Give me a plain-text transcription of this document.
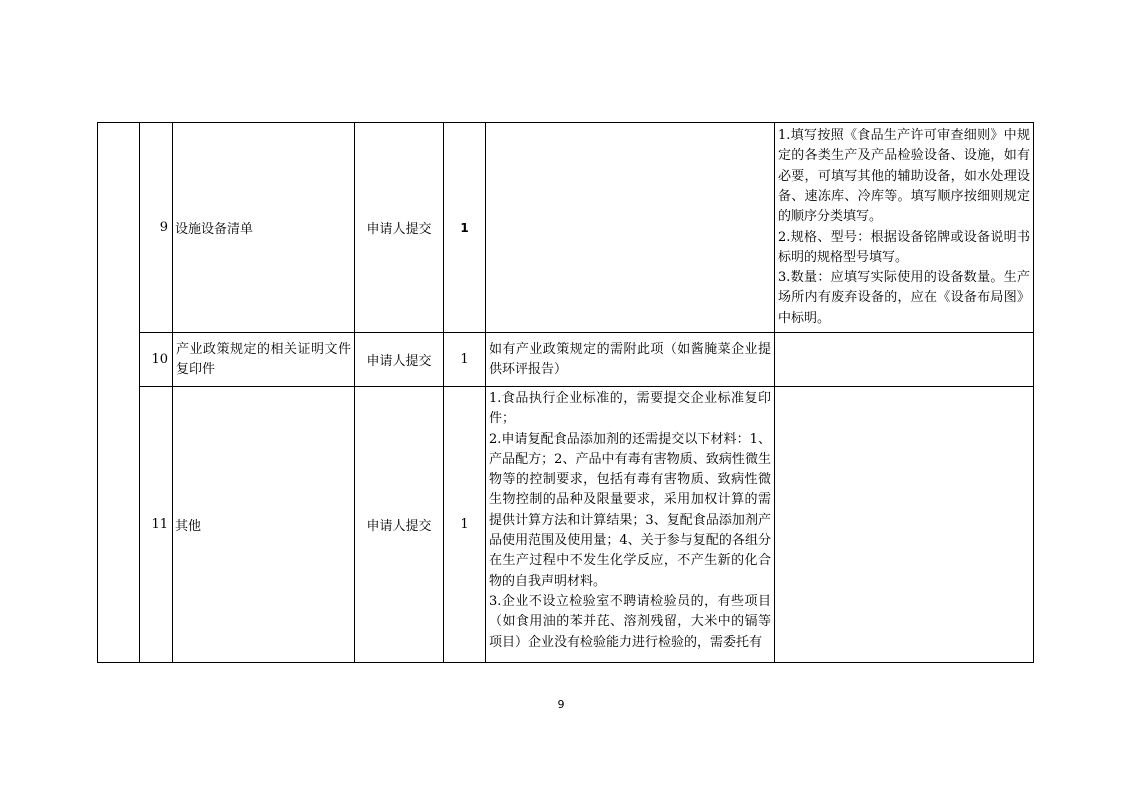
	9	设施设备清单	申请人提交	1		1.填写按照《食品生产许可审查细则》中规定的各类生产及产品检验设备、设施，如有必要，可填写其他的辅助设备，如水处理设备、速冻库、冷库等。填写顺序按细则规定的顺序分类填写。
2.规格、型号：根据设备铭牌或设备说明书标明的规格型号填写。
3.数量：应填写实际使用的设备数量。生产场所内有废弃设备的，应在《设备布局图》中标明。

	10	产业政策规定的相关证明文件复印件	申请人提交	1	如有产业政策规定的需附此项（如酱腌菜企业提供环评报告）	
	11	其他	申请人提交	1	1.食品执行企业标准的，需要提交企业标准复印件；
2.申请复配食品添加剂的还需提交以下材料：1、产品配方；2、产品中有毒有害物质、致病性微生物等的控制要求，包括有毒有害物质、致病性微生物控制的品种及限量要求，采用加权计算的需提供计算方法和计算结果；3、复配食品添加剂产品使用范围及使用量；4、关于参与复配的各组分在生产过程中不发生化学反应，不产生新的化合物的自我声明材料。
3.企业不设立检验室不聘请检验员的，有些项目（如食用油的苯并芘、溶剂残留，大米中的镉等项目）企业没有检验能力进行检验的，需委托有	

9
